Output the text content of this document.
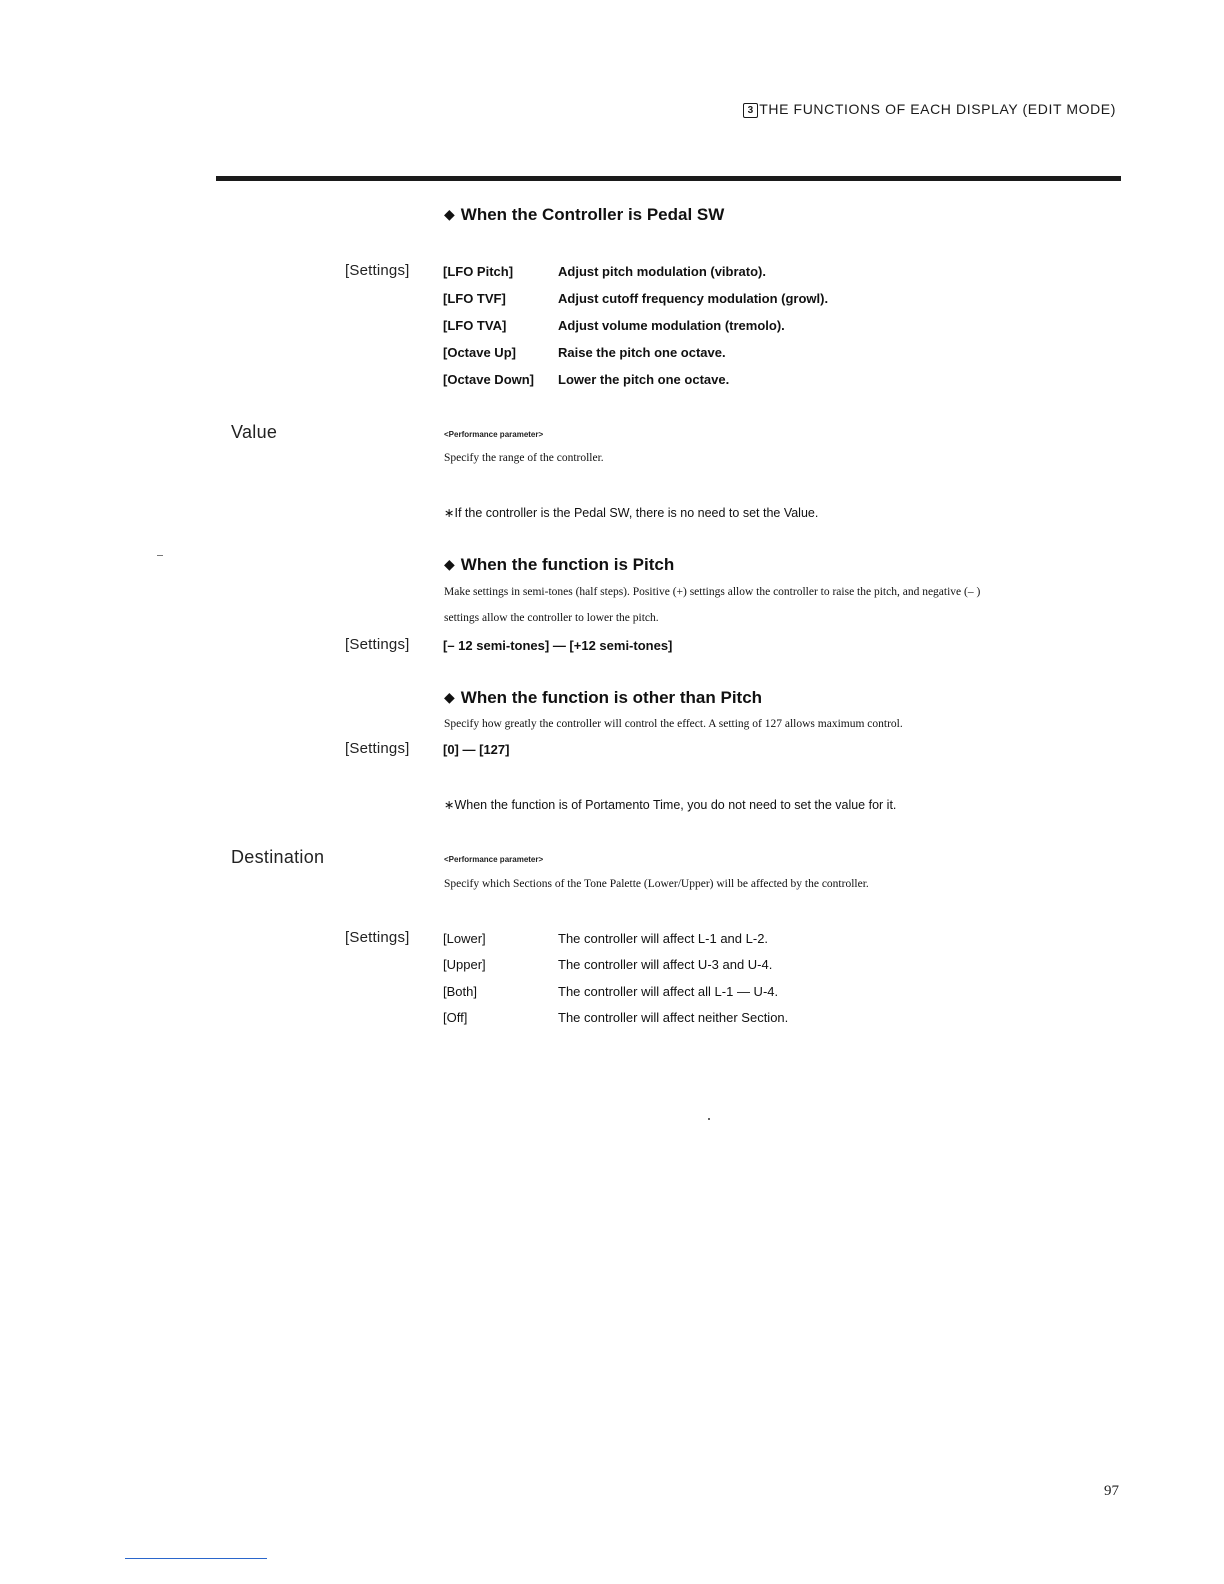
3 THE FUNCTIONS OF EACH DISPLAY (EDIT MODE)
◆ When the Controller is Pedal SW
[Settings]	[LFO Pitch]	Adjust pitch modulation (vibrato).
[LFO TVF]	Adjust cutoff frequency modulation (growl).
[LFO TVA]	Adjust volume modulation (tremolo).
[Octave Up]	Raise the pitch one octave.
[Octave Down] Lower the pitch one octave.
Value	<Performance parameter>
Specify the range of the controller.
∗If the controller is the Pedal SW, there is no need to set the Value.
◆ When the function is Pitch
Make settings in semi-tones (half steps). Positive (+) settings allow the controller to raise the pitch, and negative (– )
settings allow the controller to lower the pitch.
[Settings]	[– 12 semi-tones] — [+12 semi-tones]
◆ When the function is other than Pitch
Specify how greatly the controller will control the effect. A setting of 127 allows maximum control.
[Settings]	[0] — [127]
∗When the function is of Portamento Time, you do not need to set the value for it.
Destination	<Performance parameter>
Specify which Sections of the Tone Palette (Lower/Upper) will be affected by the controller.
[Settings]	[Lower]	The controller will affect L-1 and L-2.
[Upper]	The controller will affect U-3 and U-4.
[Both]	The controller will affect all L-1 — U-4.
[Off]	The controller will affect neither Section.
97
